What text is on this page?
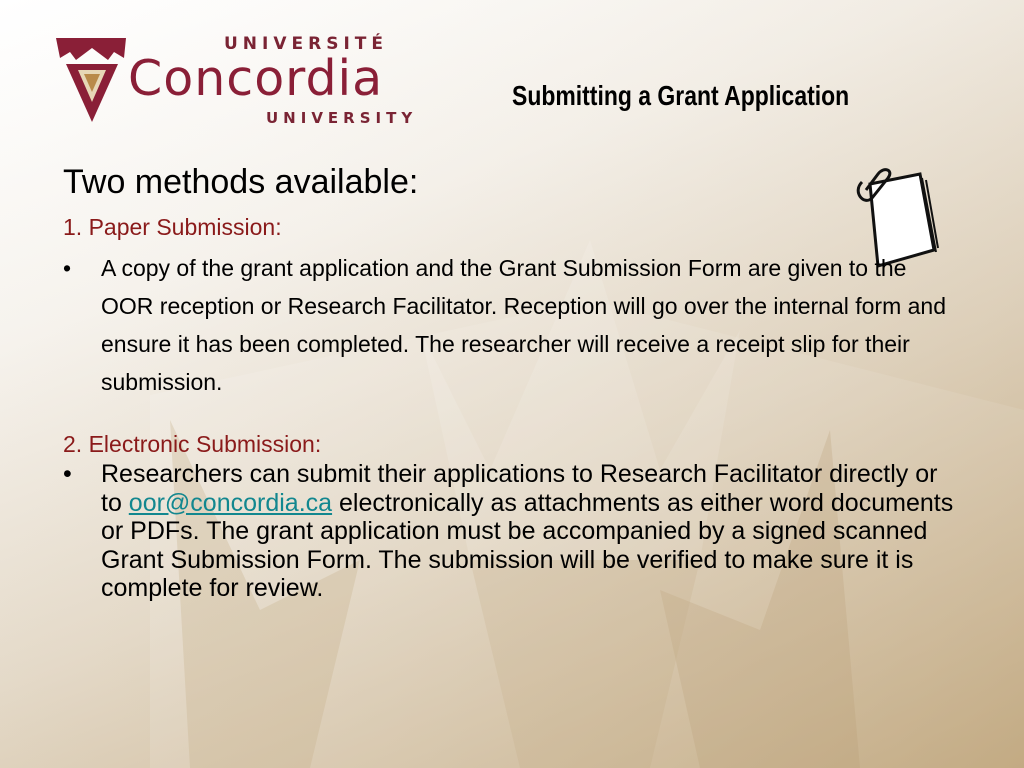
UNIVERSITÉ
Concordia
UNIVERSITY
Submitting a Grant Application

Two methods available:

1. Paper Submission:

• A copy of the grant application and the Grant Submission Form are given to the OOR reception or Research Facilitator. Reception will go over the internal form and ensure it has been completed. The researcher will receive a receipt slip for their submission.

2. Electronic Submission:

• Researchers can submit their applications to Research Facilitator directly or to oor@concordia.ca electronically as attachments as either word documents or PDFs. The grant application must be accompanied by a signed scanned Grant Submission Form. The submission will be verified to make sure it is complete for review.
